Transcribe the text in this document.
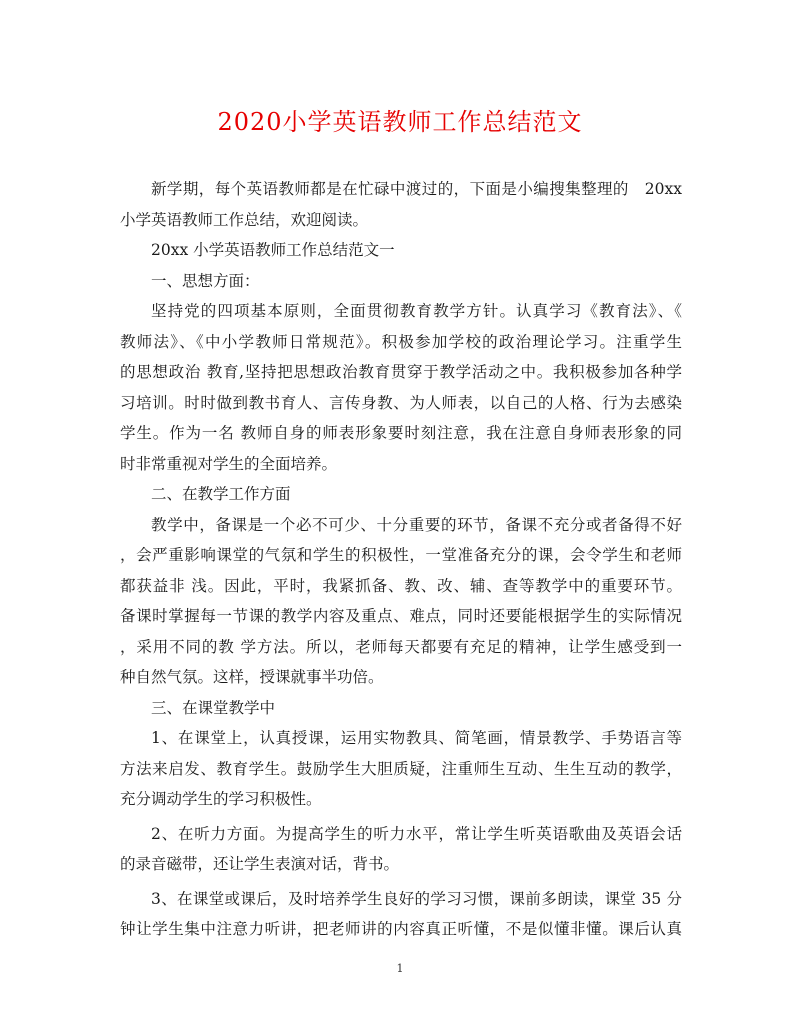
2020小学英语教师工作总结范文
新学期，每个英语教师都是在忙碌中渡过的，下面是小编搜集整理的　20xx
小学英语教师工作总结，欢迎阅读。
20xx 小学英语教师工作总结范文一
一、思想方面：
坚持党的四项基本原则，全面贯彻教育教学方针。认真学习《教育法》、《
教师法》、《中小学教师日常规范》。积极参加学校的政治理论学习。注重学生
的思想政治 教育,坚持把思想政治教育贯穿于教学活动之中。我积极参加各种学
习培训。时时做到教书育人、言传身教、为人师表，以自己的人格、行为去感染
学生。作为一名 教师自身的师表形象要时刻注意，我在注意自身师表形象的同
时非常重视对学生的全面培养。
二、在教学工作方面
教学中，备课是一个必不可少、十分重要的环节，备课不充分或者备得不好
，会严重影响课堂的气氛和学生的积极性，一堂准备充分的课，会令学生和老师
都获益非 浅。因此，平时，我紧抓备、教、改、辅、查等教学中的重要环节。
备课时掌握每一节课的教学内容及重点、难点，同时还要能根据学生的实际情况
，采用不同的教 学方法。所以，老师每天都要有充足的精神，让学生感受到一
种自然气氛。这样，授课就事半功倍。
三、在课堂教学中
1、在课堂上，认真授课，运用实物教具、简笔画，情景教学、手势语言等
方法来启发、教育学生。鼓励学生大胆质疑，注重师生互动、生生互动的教学，
充分调动学生的学习积极性。
2、在听力方面。为提高学生的听力水平，常让学生听英语歌曲及英语会话
的录音磁带，还让学生表演对话，背书。
3、在课堂或课后，及时培养学生良好的学习习惯，课前多朗读，课堂 35 分
钟让学生集中注意力听讲，把老师讲的内容真正听懂，不是似懂非懂。课后认真
1
